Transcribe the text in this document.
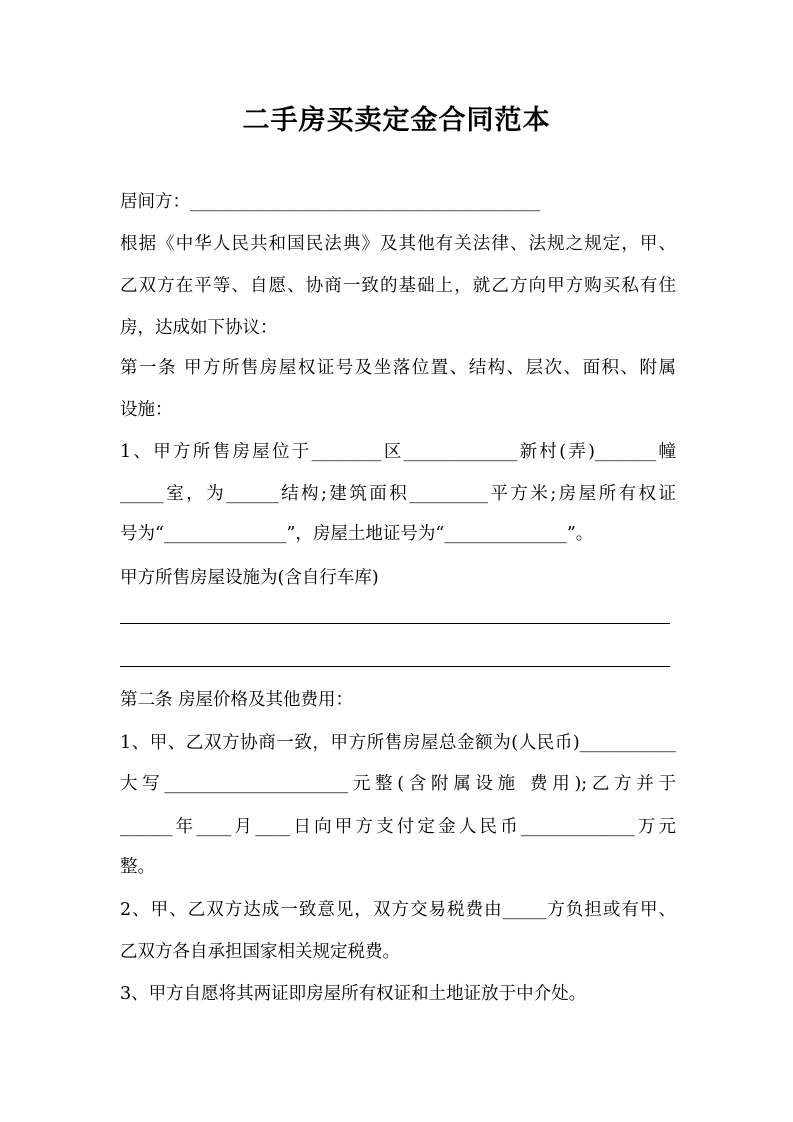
二手房买卖定金合同范本
居间方：________________________________________
根据《中华人民共和国民法典》及其他有关法律、法规之规定，甲、
乙双方在平等、自愿、协商一致的基础上，就乙方向甲方购买私有住
房，达成如下协议：
第一条 甲方所售房屋权证号及坐落位置、结构、层次、面积、附属
设施：
1、甲方所售房屋位于________区_____________新村(弄)_______幢
_____室，为______结构;建筑面积_________平方米;房屋所有权证
号为“______________”，房屋土地证号为“______________”。
甲方所售房屋设施为(含自行车库)
第二条 房屋价格及其他费用：
1、甲、乙双方协商一致，甲方所售房屋总金额为(人民币)___________
大写_____________________元整(含附属设施 费用);乙方并于
______年____月____日向甲方支付定金人民币_____________万元
整。
2、甲、乙双方达成一致意见，双方交易税费由_____方负担或有甲、
乙双方各自承担国家相关规定税费。
3、甲方自愿将其两证即房屋所有权证和土地证放于中介处。
